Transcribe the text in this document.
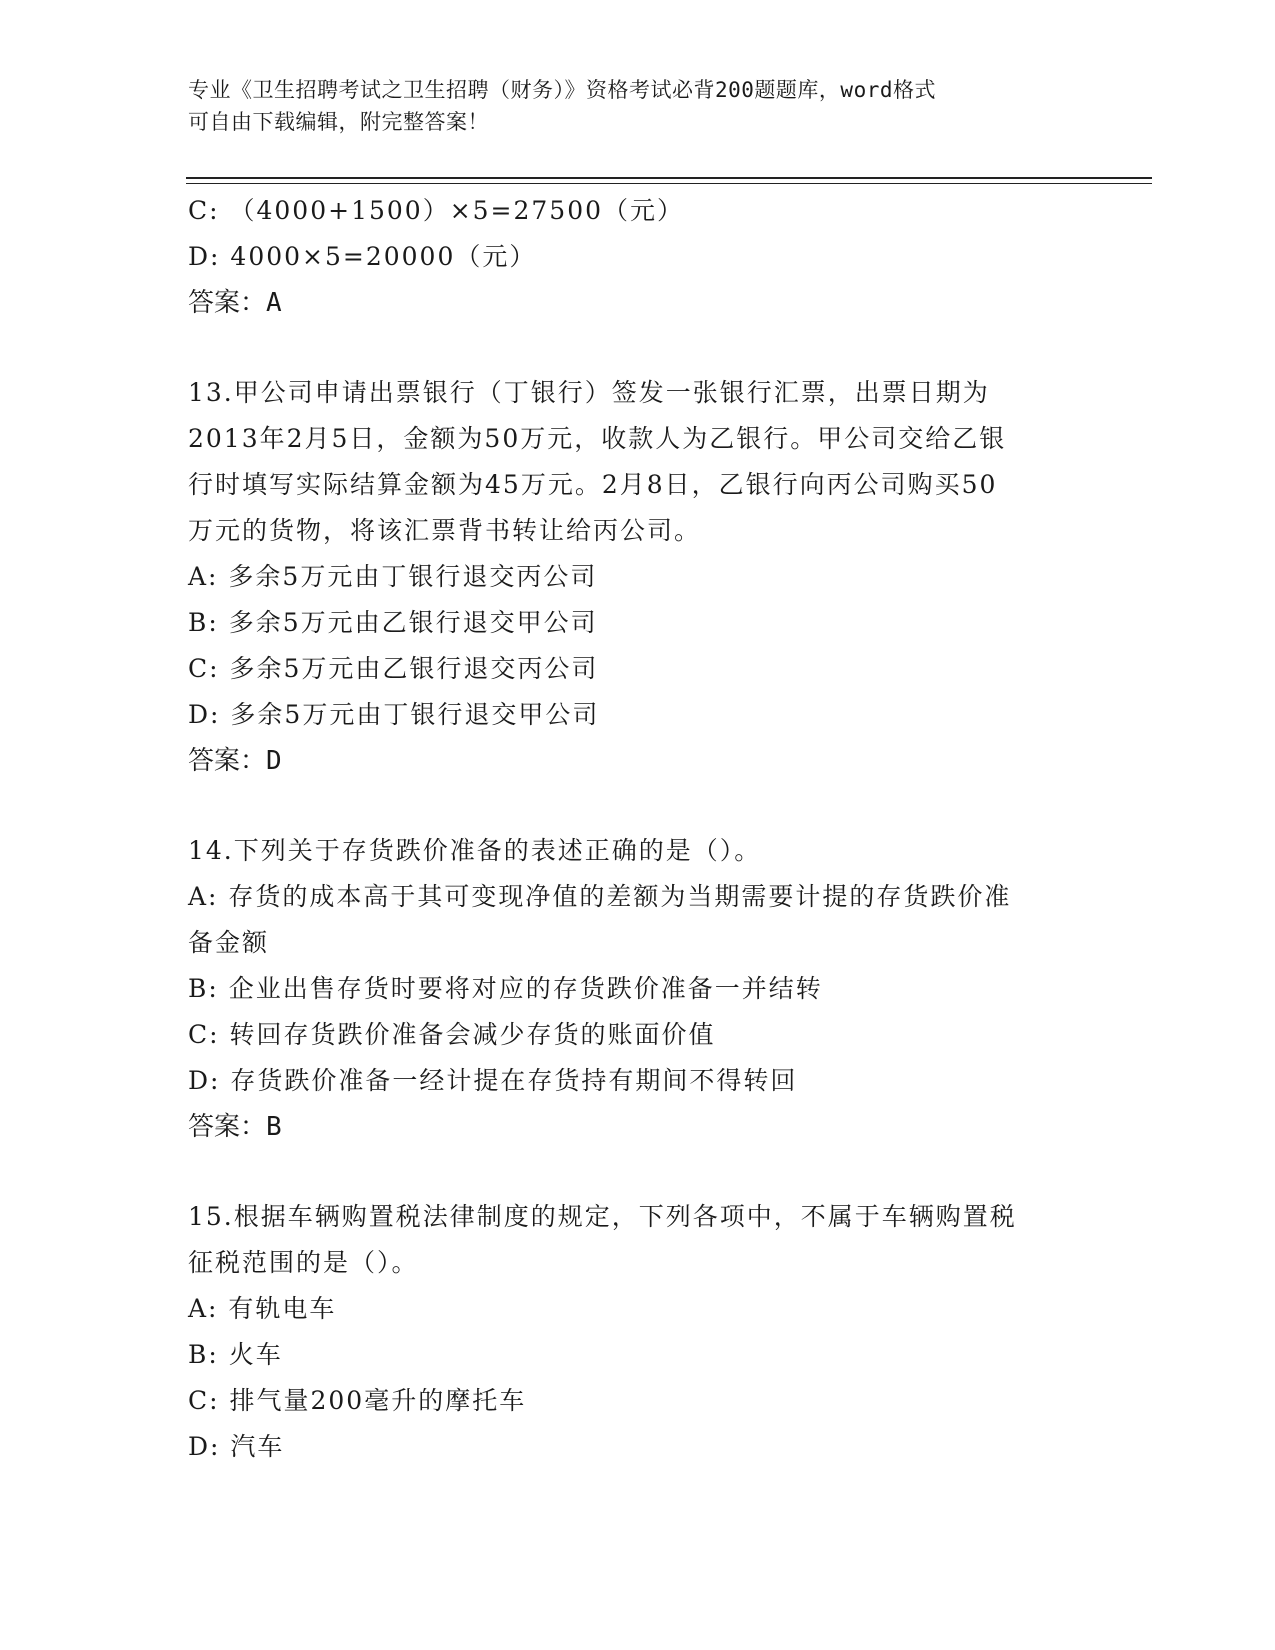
专业《卫生招聘考试之卫生招聘（财务）》资格考试必背200题题库，word格式
可自由下载编辑，附完整答案！
C: （4000+1500）×5=27500（元）
D: 4000×5=20000（元）
答案：A
13.甲公司申请出票银行（丁银行）签发一张银行汇票，出票日期为
2013年2月5日，金额为50万元，收款人为乙银行。甲公司交给乙银
行时填写实际结算金额为45万元。2月8日，乙银行向丙公司购买50
万元的货物，将该汇票背书转让给丙公司。
A: 多余5万元由丁银行退交丙公司
B: 多余5万元由乙银行退交甲公司
C: 多余5万元由乙银行退交丙公司
D: 多余5万元由丁银行退交甲公司
答案：D
14.下列关于存货跌价准备的表述正确的是（）。
A: 存货的成本高于其可变现净值的差额为当期需要计提的存货跌价准
备金额
B: 企业出售存货时要将对应的存货跌价准备一并结转
C: 转回存货跌价准备会减少存货的账面价值
D: 存货跌价准备一经计提在存货持有期间不得转回
答案：B
15.根据车辆购置税法律制度的规定，下列各项中，不属于车辆购置税
征税范围的是（）。
A: 有轨电车
B: 火车
C: 排气量200毫升的摩托车
D: 汽车
